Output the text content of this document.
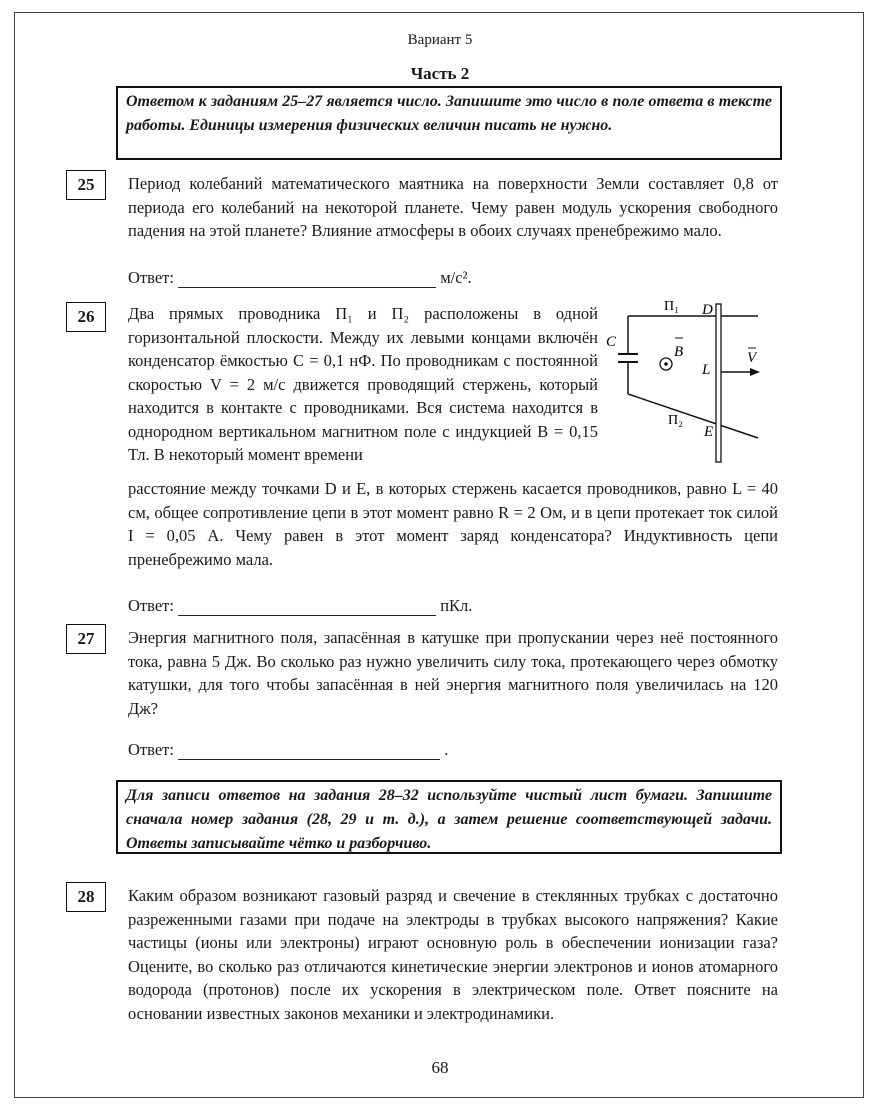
Вариант 5
Часть 2
Ответом к заданиям 25–27 является число. Запишите это число в поле ответа в тексте работы. Единицы измерения физических величин писать не нужно.
25	Период колебаний математического маятника на поверхности Земли составляет 0,8 от периода его колебаний на некоторой планете. Чему равен модуль ускорения свободного падения на этой планете? Влияние атмосферы в обоих случаях пренебрежимо мало.
Ответ:	м/с².
26	Два прямых проводника П₁ и П₂ расположены в одной горизонтальной плоскости. Между их левыми концами включён конденсатор ёмкостью C = 0,1 нФ. По проводникам с постоянной скоростью V = 2 м/с движется проводящий стержень, который находится в контакте с проводниками. Вся система находится в однородном вертикальном магнитном поле с индукцией B = 0,15 Тл. В некоторый момент времени
расстояние между точками D и E, в которых стержень касается проводников, равно L = 40 см, общее сопротивление цепи в этот момент равно R = 2 Ом, и в цепи протекает ток силой I = 0,05 А. Чему равен в этот момент заряд конденсатора? Индуктивность цепи пренебрежимо мала.
П₁ D
C
B
L
V
П₂
E
Ответ:	пКл.
27	Энергия магнитного поля, запасённая в катушке при пропускании через неё постоянного тока, равна 5 Дж. Во сколько раз нужно увеличить силу тока, протекающего через обмотку катушки, для того чтобы запасённая в ней энергия магнитного поля увеличилась на 120 Дж?
Ответ:	.
Для записи ответов на задания 28–32 используйте чистый лист бумаги. Запишите сначала номер задания (28, 29 и т. д.), а затем решение соответствующей задачи. Ответы записывайте чётко и разборчиво.
28	Каким образом возникают газовый разряд и свечение в стеклянных трубках с достаточно разреженными газами при подаче на электроды в трубках высокого напряжения? Какие частицы (ионы или электроны) играют основную роль в обеспечении ионизации газа? Оцените, во сколько раз отличаются кинетические энергии электронов и ионов атомарного водорода (протонов) после их ускорения в электрическом поле. Ответ поясните на основании известных законов механики и электродинамики.
68
